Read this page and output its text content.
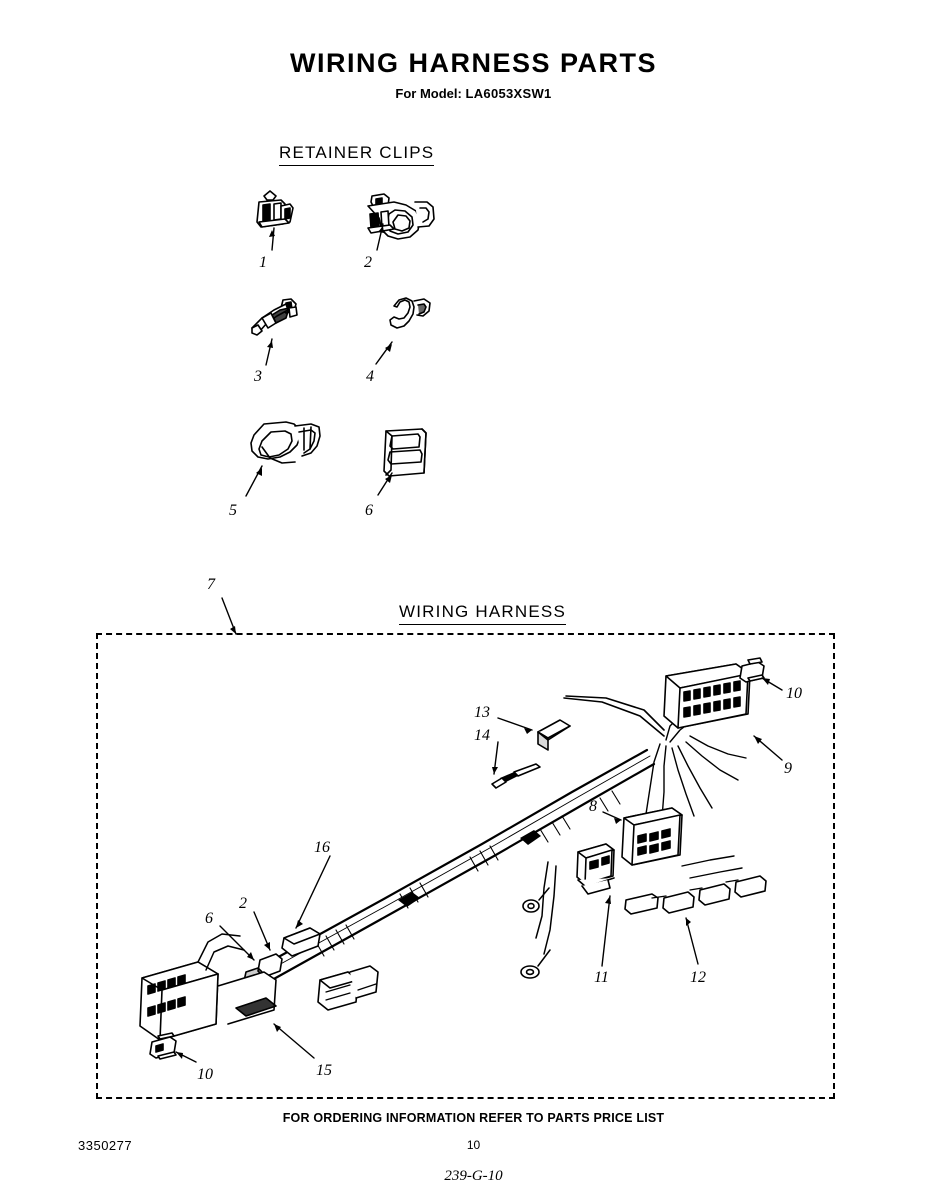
WIRING HARNESS PARTS
For Model: LA6053XSW1
RETAINER CLIPS
WIRING HARNESS
1	2
3	4
5	6
7
10
13
14
9
8
16
2
6
11	12
15
10
FOR ORDERING INFORMATION REFER TO PARTS PRICE LIST
3350277	10
239-G-10
